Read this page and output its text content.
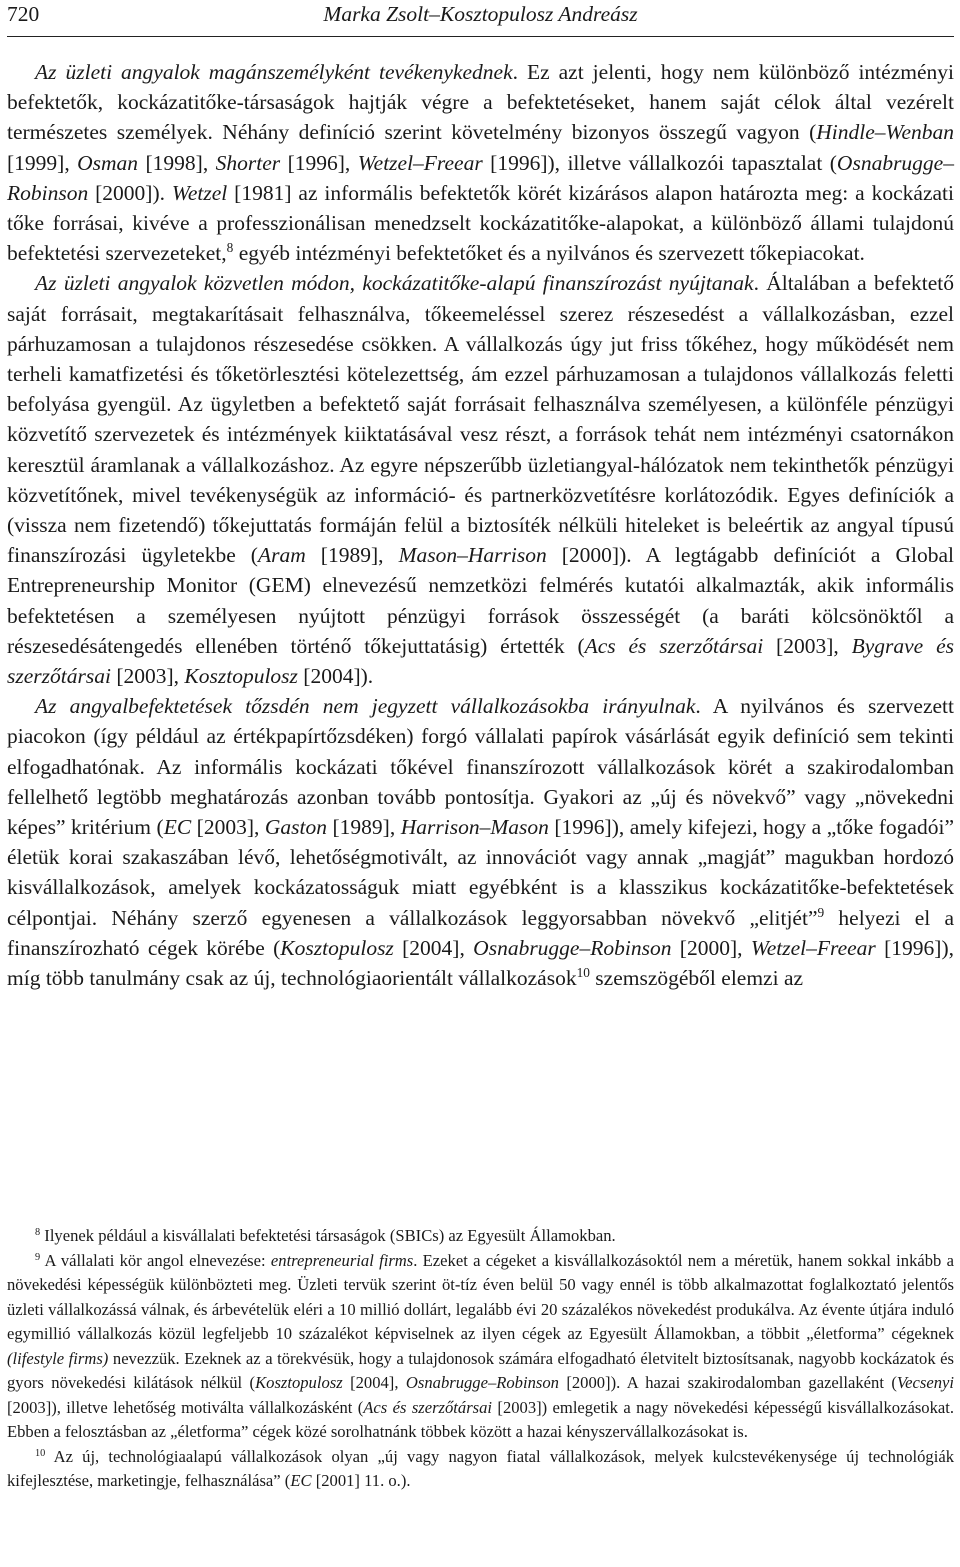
720	Marka Zsolt–Kosztopulosz Andreász

Az üzleti angyalok magánszemélyként tevékenykednek. Ez azt jelenti, hogy nem különböző intézményi befektetők, kockázatitőke-társaságok hajtják végre a befektetéseket, hanem saját célok által vezérelt természetes személyek. Néhány definíció szerint követelmény bizonyos összegű vagyon (Hindle–Wenban [1999], Osman [1998], Shorter [1996], Wetzel–Freear [1996]), illetve vállalkozói tapasztalat (Osnabrugge–Robinson [2000]). Wetzel [1981] az informális befektetők körét kizárásos alapon határozta meg: a kockázati tőke forrásai, kivéve a professzionálisan menedzselt kockázatitőke-alapokat, a különböző állami tulajdonú befektetési szervezeteket,$^8$ egyéb intézményi befektetőket és a nyilvános és szervezett tőkepiacokat.

Az üzleti angyalok közvetlen módon, kockázatitőke-alapú finanszírozást nyújtanak. Általában a befektető saját forrásait, megtakarításait felhasználva, tőkeemeléssel szerez részesedést a vállalkozásban, ezzel párhuzamosan a tulajdonos részesedése csökken. A vállalkozás úgy jut friss tőkéhez, hogy működését nem terheli kamatfizetési és tőketörlesztési kötelezettség, ám ezzel párhuzamosan a tulajdonos vállalkozás feletti befolyása gyengül. Az ügyletben a befektető saját forrásait felhasználva személyesen, a különféle pénzügyi közvetítő szervezetek és intézmények kiiktatásával vesz részt, a források tehát nem intézményi csatornákon keresztül áramlanak a vállalkozáshoz. Az egyre népszerűbb üzletiangyal-hálózatok nem tekinthetők pénzügyi közvetítőnek, mivel tevékenységük az információ- és partnerközvetítésre korlátozódik. Egyes definíciók a (vissza nem fizetendő) tőkejuttatás formáján felül a biztosíték nélküli hiteleket is beleértik az angyal típusú finanszírozási ügyletekbe (Aram [1989], Mason–Harrison [2000]). A legtágabb definíciót a Global Entrepreneurship Monitor (GEM) elnevezésű nemzetközi felmérés kutatói alkalmazták, akik informális befektetésen a személyesen nyújtott pénzügyi források összességét (a baráti kölcsönöktől a részesedésátengedés ellenében történő tőkejuttatásig) értették (Acs és szerzőtársai [2003], Bygrave és szerzőtársai [2003], Kosztopulosz [2004]).

Az angyalbefektetések tőzsdén nem jegyzett vállalkozásokba irányulnak. A nyilvános és szervezett piacokon (így például az értékpapírtőzsdéken) forgó vállalati papírok vásárlását egyik definíció sem tekinti elfogadhatónak. Az informális kockázati tőkével finanszírozott vállalkozások körét a szakirodalomban fellelhető legtöbb meghatározás azonban tovább pontosítja. Gyakori az „új és növekvő” vagy „növekedni képes” kritérium (EC [2003], Gaston [1989], Harrison–Mason [1996]), amely kifejezi, hogy a „tőke fogadói” életük korai szakaszában lévő, lehetőségmotivált, az innovációt vagy annak „magját” magukban hordozó kisvállalkozások, amelyek kockázatosságuk miatt egyébként is a klasszikus kockázatitőke-befektetések célpontjai. Néhány szerző egyenesen a vállalkozások leggyorsabban növekvő „elitjét”$^9$ helyezi el a finanszírozható cégek körébe (Kosztopulosz [2004], Osnabrugge–Robinson [2000], Wetzel–Freear [1996]), míg több tanulmány csak az új, technológiaorientált vállalkozások$^{10}$ szemszögéből elemzi az

$^8$ Ilyenek például a kisvállalati befektetési társaságok (SBICs) az Egyesült Államokban.

$^9$ A vállalati kör angol elnevezése: entrepreneurial firms. Ezeket a cégeket a kisvállalkozásoktól nem a méretük, hanem sokkal inkább a növekedési képességük különbözteti meg. Üzleti tervük szerint öt-tíz éven belül 50 vagy ennél is több alkalmazottat foglalkoztató jelentős üzleti vállalkozássá válnak, és árbevételük eléri a 10 millió dollárt, legalább évi 20 százalékos növekedést produkálva. Az évente útjára induló egymillió vállalkozás közül legfeljebb 10 százalékot képviselnek az ilyen cégek az Egyesült Államokban, a többit „életforma” cégeknek (lifestyle firms) nevezzük. Ezeknek az a törekvésük, hogy a tulajdonosok számára elfogadható életvitelt biztosítsanak, nagyobb kockázatok és gyors növekedési kilátások nélkül (Kosztopulosz [2004], Osnabrugge–Robinson [2000]). A hazai szakirodalomban gazellaként (Vecsenyi [2003]), illetve lehetőség motiválta vállalkozásként (Acs és szerzőtársai [2003]) emlegetik a nagy növekedési képességű kisvállalkozásokat. Ebben a felosztásban az „életforma” cégek közé sorolhatnánk többek között a hazai kényszervállalkozásokat is.

$^{10}$ Az új, technológiaalapú vállalkozások olyan „új vagy nagyon fiatal vállalkozások, melyek kulcstevékenysége új technológiák kifejlesztése, marketingje, felhasználása” (EC [2001] 11. o.).
